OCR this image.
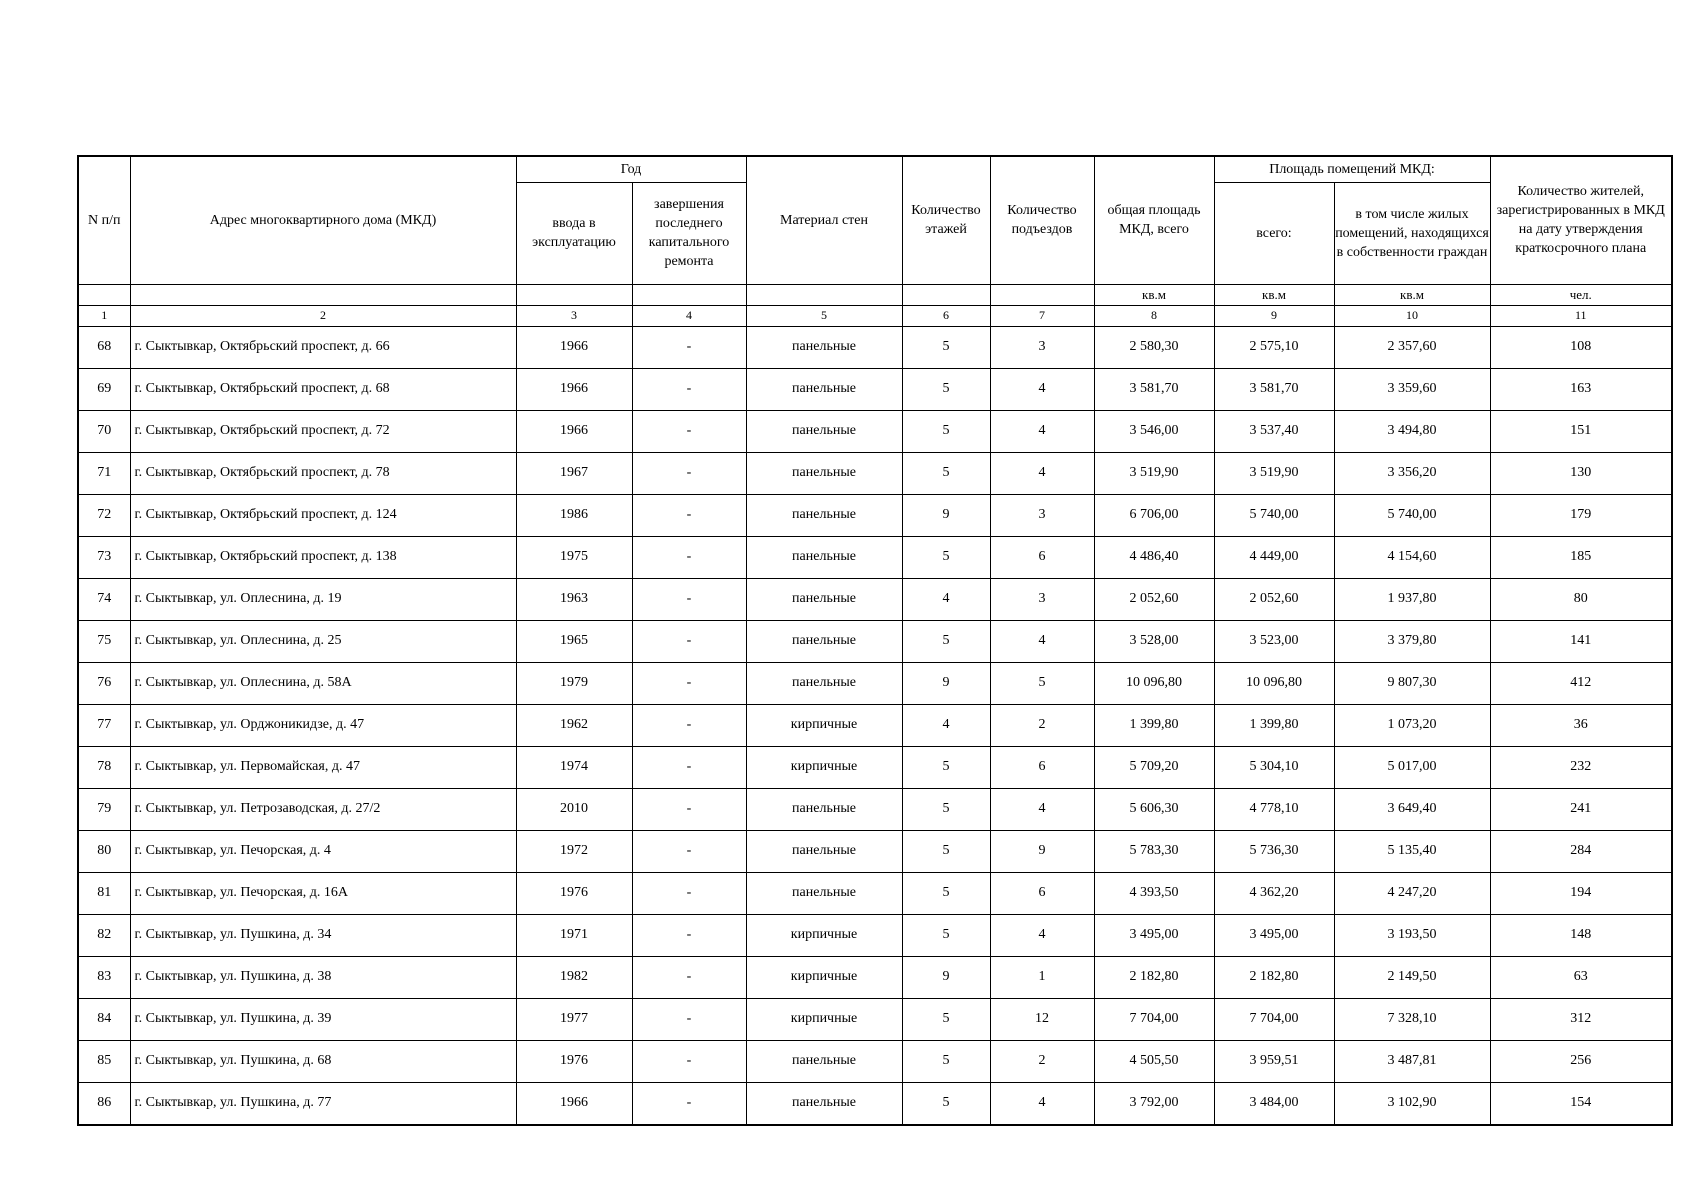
N п/п	Адрес многоквартирного дома (МКД)	Год		Материал стен	Количество этажей	Количество подъездов	общая площадь МКД, всего	Площадь помещений МКД:		Количество жителей, зарегистрированных в МКД на дату утверждения краткосрочного плана
		ввода в эксплуатацию	завершения последнего капитального ремонта					всего:	в том числе жилых помещений, находящихся в собственности граждан	
							кв.м	кв.м	кв.м	чел.
1	2	3	4	5	6	7	8	9	10	11
68	г. Сыктывкар, Октябрьский проспект, д. 66	1966	-	панельные	5	3	2 580,30	2 575,10	2 357,60	108
69	г. Сыктывкар, Октябрьский проспект, д. 68	1966	-	панельные	5	4	3 581,70	3 581,70	3 359,60	163
70	г. Сыктывкар, Октябрьский проспект, д. 72	1966	-	панельные	5	4	3 546,00	3 537,40	3 494,80	151
71	г. Сыктывкар, Октябрьский проспект, д. 78	1967	-	панельные	5	4	3 519,90	3 519,90	3 356,20	130
72	г. Сыктывкар, Октябрьский проспект, д. 124	1986	-	панельные	9	3	6 706,00	5 740,00	5 740,00	179
73	г. Сыктывкар, Октябрьский проспект, д. 138	1975	-	панельные	5	6	4 486,40	4 449,00	4 154,60	185
74	г. Сыктывкар, ул. Оплеснина, д. 19	1963	-	панельные	4	3	2 052,60	2 052,60	1 937,80	80
75	г. Сыктывкар, ул. Оплеснина, д. 25	1965	-	панельные	5	4	3 528,00	3 523,00	3 379,80	141
76	г. Сыктывкар, ул. Оплеснина, д. 58А	1979	-	панельные	9	5	10 096,80	10 096,80	9 807,30	412
77	г. Сыктывкар, ул. Орджоникидзе, д. 47	1962	-	кирпичные	4	2	1 399,80	1 399,80	1 073,20	36
78	г. Сыктывкар, ул. Первомайская, д. 47	1974	-	кирпичные	5	6	5 709,20	5 304,10	5 017,00	232
79	г. Сыктывкар, ул. Петрозаводская, д. 27/2	2010	-	панельные	5	4	5 606,30	4 778,10	3 649,40	241
80	г. Сыктывкар, ул. Печорская, д. 4	1972	-	панельные	5	9	5 783,30	5 736,30	5 135,40	284
81	г. Сыктывкар, ул. Печорская, д. 16А	1976	-	панельные	5	6	4 393,50	4 362,20	4 247,20	194
82	г. Сыктывкар, ул. Пушкина, д. 34	1971	-	кирпичные	5	4	3 495,00	3 495,00	3 193,50	148
83	г. Сыктывкар, ул. Пушкина, д. 38	1982	-	кирпичные	9	1	2 182,80	2 182,80	2 149,50	63
84	г. Сыктывкар, ул. Пушкина, д. 39	1977	-	кирпичные	5	12	7 704,00	7 704,00	7 328,10	312
85	г. Сыктывкар, ул. Пушкина, д. 68	1976	-	панельные	5	2	4 505,50	3 959,51	3 487,81	256
86	г. Сыктывкар, ул. Пушкина, д. 77	1966	-	панельные	5	4	3 792,00	3 484,00	3 102,90	154
